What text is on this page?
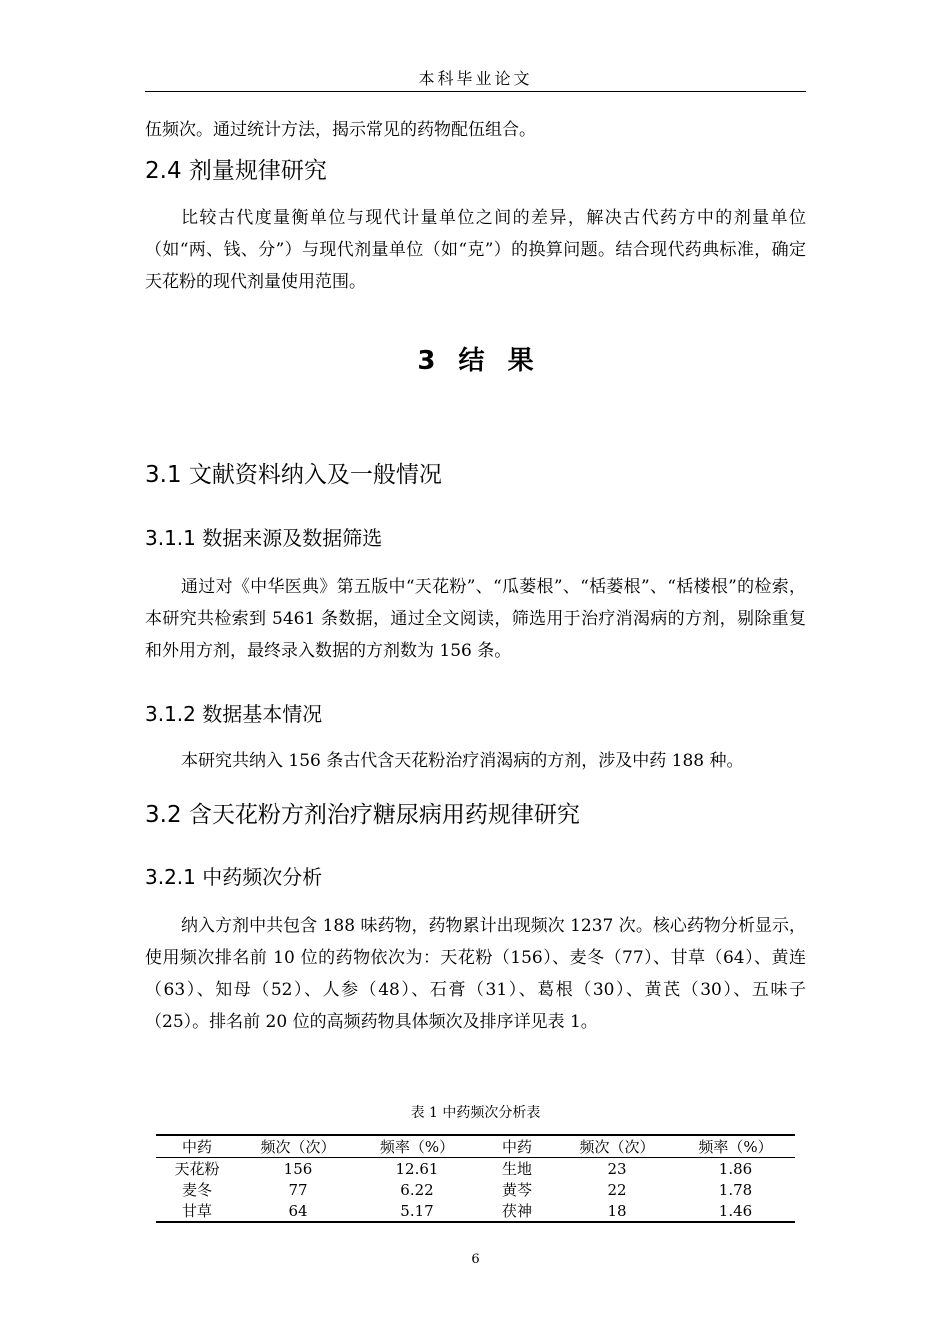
本科毕业论文

伍频次。通过统计方法，揭示常见的药物配伍组合。

2.4 剂量规律研究

比较古代度量衡单位与现代计量单位之间的差异，解决古代药方中的剂量单位（如“两、钱、分”）与现代剂量单位（如“克”）的换算问题。结合现代药典标准，确定天花粉的现代剂量使用范围。

3 结 果
3.1 文献资料纳入及一般情况
3.1.1 数据来源及数据筛选

通过对《中华医典》第五版中“天花粉”、“瓜蒌根”、“栝蒌根”、“栝楼根”的检索，本研究共检索到 5461 条数据，通过全文阅读，筛选用于治疗消渴病的方剂，剔除重复和外用方剂，最终录入数据的方剂数为 156 条。

3.1.2 数据基本情况

本研究共纳入 156 条古代含天花粉治疗消渴病的方剂，涉及中药 188 种。

3.2 含天花粉方剂治疗糖尿病用药规律研究
3.2.1 中药频次分析

纳入方剂中共包含 188 味药物，药物累计出现频次 1237 次。核心药物分析显示，使用频次排名前 10 位的药物依次为：天花粉（156）、麦冬（77）、甘草（64）、黄连（63）、知母（52）、人参（48）、石膏（31）、葛根（30）、黄芪（30）、五味子（25）。排名前 20 位的高频药物具体频次及排序详见表 1。

表 1 中药频次分析表
中药	频次（次）	频率（%）	中药	频次（次）	频率（%）
天花粉	156	12.61	生地	23	1.86
麦冬	77	6.22	黄芩	22	1.78
甘草	64	5.17	茯神	18	1.46
6
